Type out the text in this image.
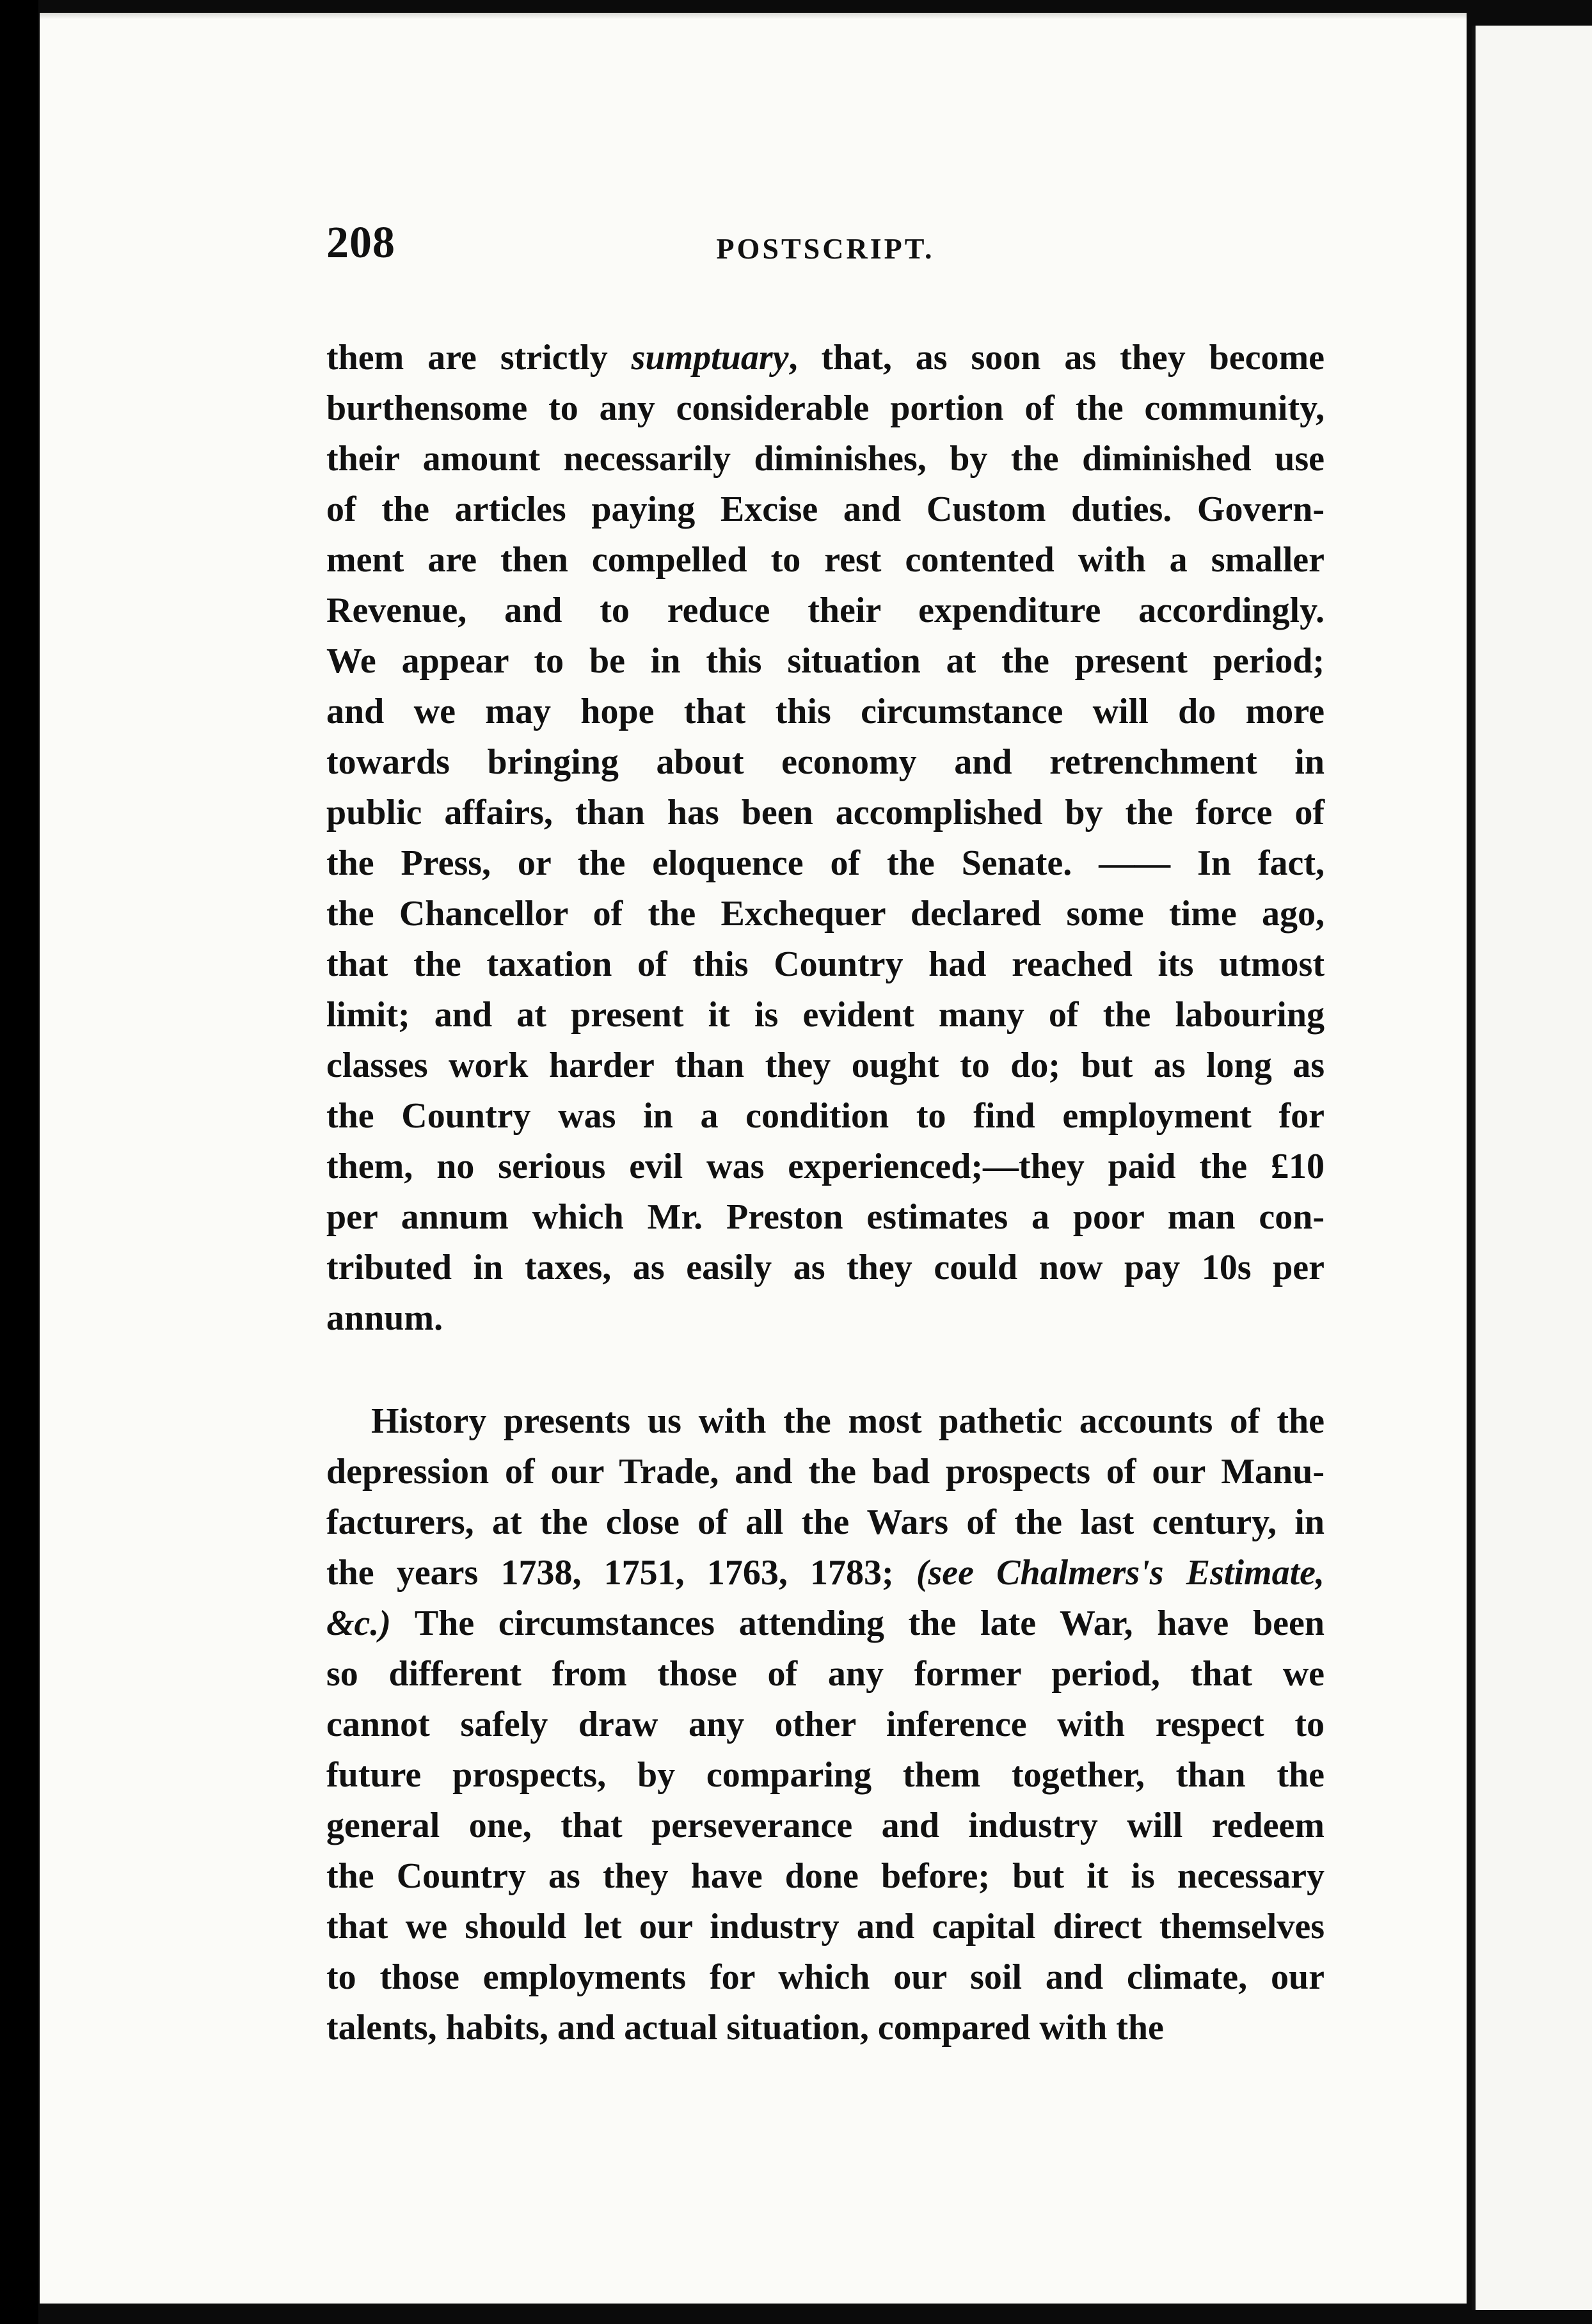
208	POSTSCRIPT.
them are strictly sumptuary, that, as soon as they become
burthensome to any considerable portion of the community,
their amount necessarily diminishes, by the diminished use
of the articles paying Excise and Custom duties. Govern-
ment are then compelled to rest contented with a smaller
Revenue, and to reduce their expenditure accordingly.
We appear to be in this situation at the present period;
and we may hope that this circumstance will do more
towards bringing about economy and retrenchment in
public affairs, than has been accomplished by the force of
the Press, or the eloquence of the Senate. —— In fact,
the Chancellor of the Exchequer declared some time ago,
that the taxation of this Country had reached its utmost
limit; and at present it is evident many of the labouring
classes work harder than they ought to do; but as long as
the Country was in a condition to find employment for
them, no serious evil was experienced;—they paid the £10
per annum which Mr. Preston estimates a poor man con-
tributed in taxes, as easily as they could now pay 10s per
annum.
History presents us with the most pathetic accounts of the
depression of our Trade, and the bad prospects of our Manu-
facturers, at the close of all the Wars of the last century, in
the years 1738, 1751, 1763, 1783; (see Chalmers's Estimate,
&c.) The circumstances attending the late War, have been
so different from those of any former period, that we
cannot safely draw any other inference with respect to
future prospects, by comparing them together, than the
general one, that perseverance and industry will redeem
the Country as they have done before; but it is necessary
that we should let our industry and capital direct themselves
to those employments for which our soil and climate, our
talents, habits, and actual situation, compared with the
